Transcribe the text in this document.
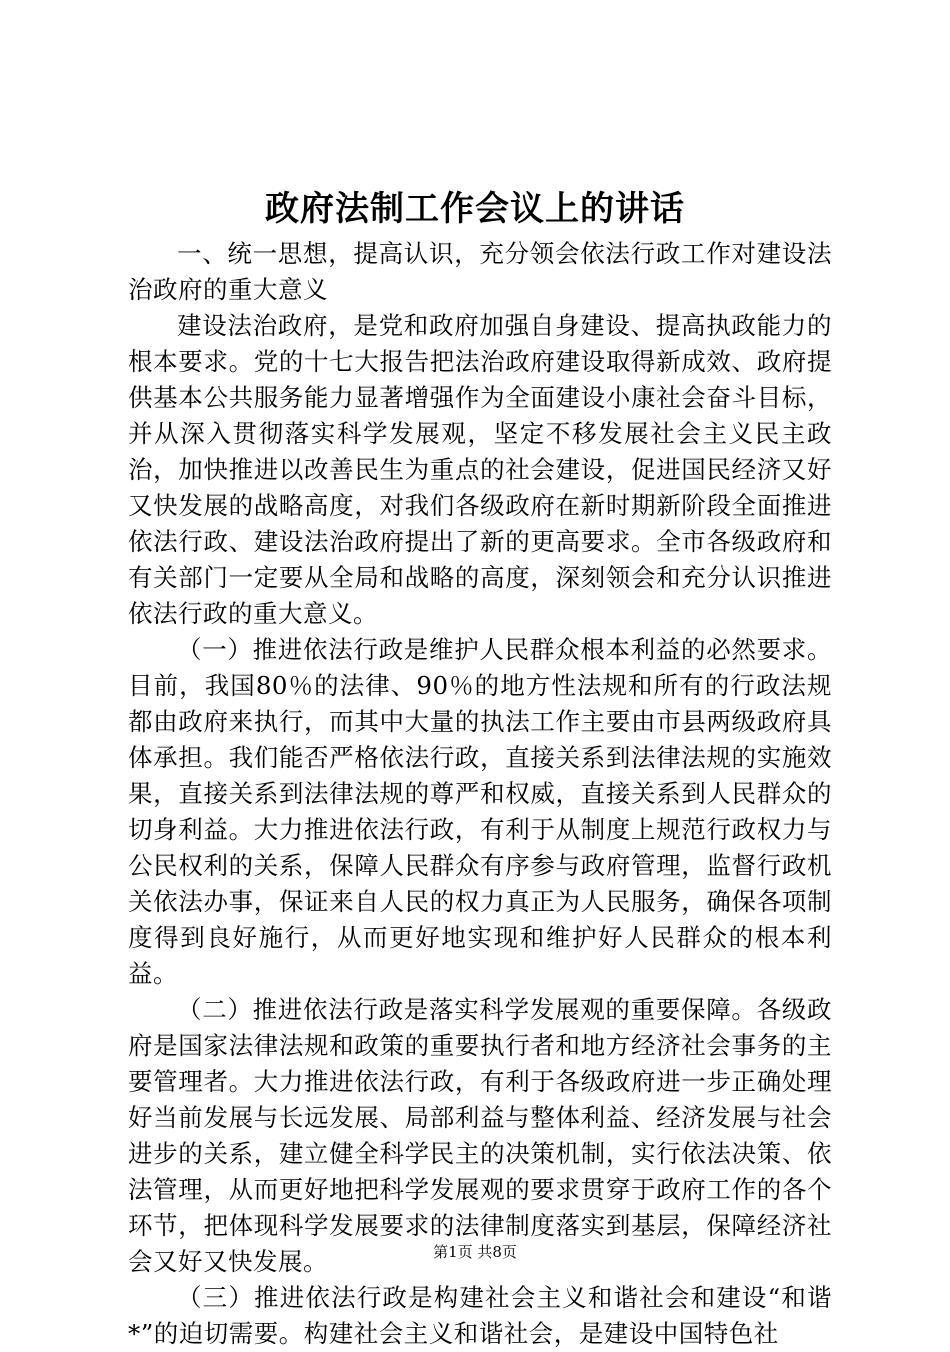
政府法制工作会议上的讲话

一、统一思想，提高认识，充分领会依法行政工作对建设法治政府的重大意义

建设法治政府，是党和政府加强自身建设、提高执政能力的根本要求。党的十七大报告把法治政府建设取得新成效、政府提供基本公共服务能力显著增强作为全面建设小康社会奋斗目标，并从深入贯彻落实科学发展观，坚定不移发展社会主义民主政治，加快推进以改善民生为重点的社会建设，促进国民经济又好又快发展的战略高度，对我们各级政府在新时期新阶段全面推进依法行政、建设法治政府提出了新的更高要求。全市各级政府和有关部门一定要从全局和战略的高度，深刻领会和充分认识推进依法行政的重大意义。

（一）推进依法行政是维护人民群众根本利益的必然要求。目前，我国80％的法律、90％的地方性法规和所有的行政法规都由政府来执行，而其中大量的执法工作主要由市县两级政府具体承担。我们能否严格依法行政，直接关系到法律法规的实施效果，直接关系到法律法规的尊严和权威，直接关系到人民群众的切身利益。大力推进依法行政，有利于从制度上规范行政权力与公民权利的关系，保障人民群众有序参与政府管理，监督行政机关依法办事，保证来自人民的权力真正为人民服务，确保各项制度得到良好施行，从而更好地实现和维护好人民群众的根本利益。

（二）推进依法行政是落实科学发展观的重要保障。各级政府是国家法律法规和政策的重要执行者和地方经济社会事务的主要管理者。大力推进依法行政，有利于各级政府进一步正确处理好当前发展与长远发展、局部利益与整体利益、经济发展与社会进步的关系，建立健全科学民主的决策机制，实行依法决策、依法管理，从而更好地把科学发展观的要求贯穿于政府工作的各个环节，把体现科学发展要求的法律制度落实到基层，保障经济社会又好又快发展。

（三）推进依法行政是构建社会主义和谐社会和建设“和谐*”的迫切需要。构建社会主义和谐社会，是建设中国特色社

第1页 共8页
